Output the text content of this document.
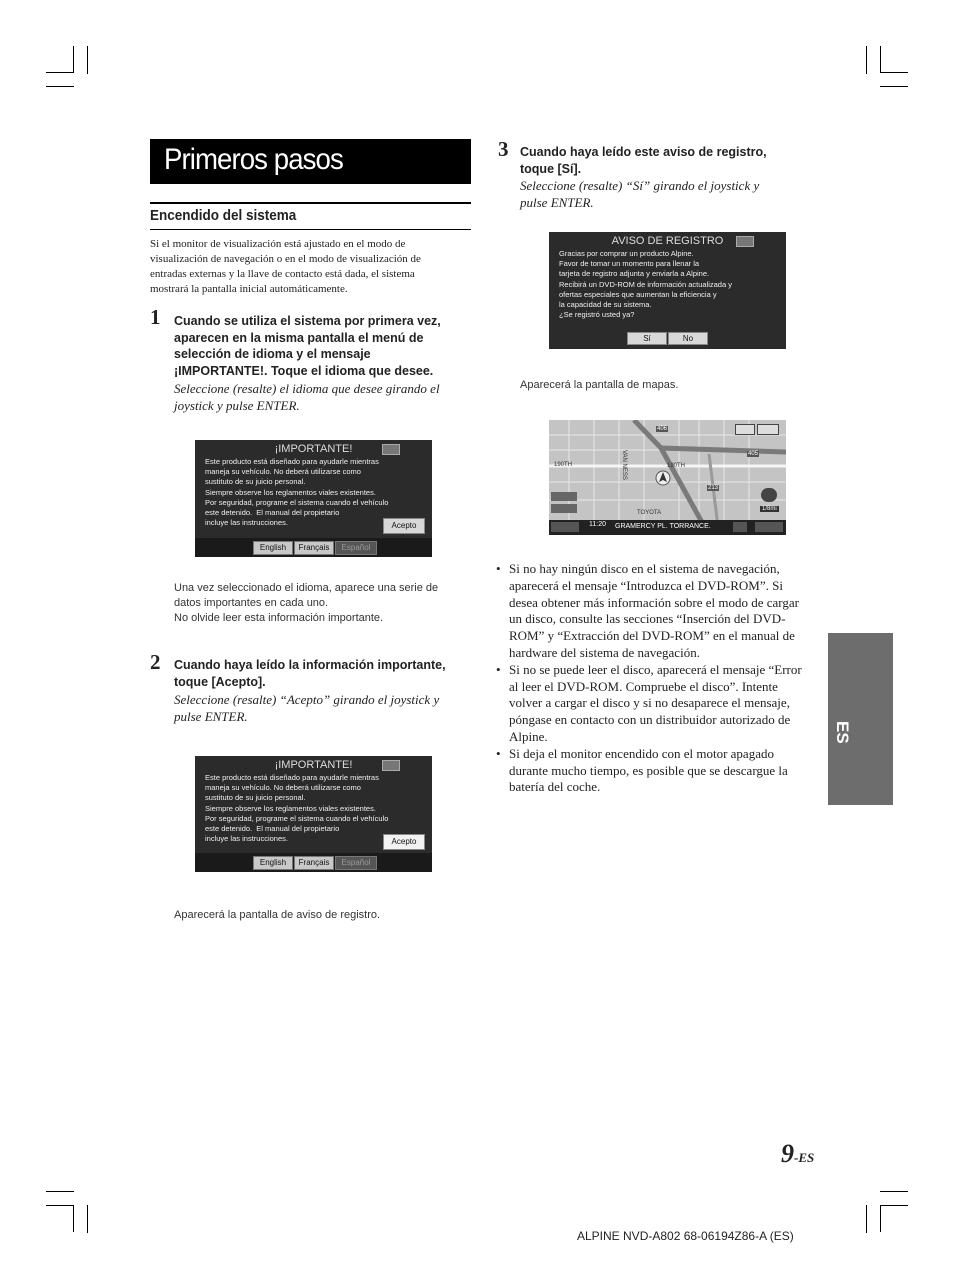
Primeros pasos
Encendido del sistema
Si el monitor de visualización está ajustado en el modo de
visualización de navegación o en el modo de visualización de
entradas externas y la llave de contacto está dada, el sistema
mostrará la pantalla inicial automáticamente.
1 Cuando se utiliza el sistema por primera vez,
aparecen en la misma pantalla el menú de
selección de idioma y el mensaje
¡IMPORTANTE!. Toque el idioma que desee.
Seleccione (resalte) el idioma que desee girando el
joystick y pulse ENTER.
¡IMPORTANTE!
Este producto está diseñado para ayudarle mientras
maneja su vehículo. No deberá utilizarse como
sustituto de su juicio personal.
Siempre observe los reglamentos viales existentes.
Por seguridad, programe el sistema cuando el vehículo
este detenido.  El manual del propietario
incluye las instrucciones.	Acepto
English	Français	Español
Una vez seleccionado el idioma, aparece una serie de
datos importantes en cada uno.
No olvide leer esta información importante.
2 Cuando haya leído la información importante,
toque [Acepto].
Seleccione (resalte) “Acepto” girando el joystick y
pulse ENTER.
¡IMPORTANTE!
Este producto está diseñado para ayudarle mientras
maneja su vehículo. No deberá utilizarse como
sustituto de su juicio personal.
Siempre observe los reglamentos viales existentes.
Por seguridad, programe el sistema cuando el vehículo
este detenido.  El manual del propietario
incluye las instrucciones.	Acepto
English	Français	Español
Aparecerá la pantalla de aviso de registro.
3 Cuando haya leído este aviso de registro,
toque [Sí].
Seleccione (resalte) “Sí” girando el joystick y
pulse ENTER.
AVISO DE REGISTRO
Gracias por comprar un producto Alpine.
Favor de tomar un momento para llenar la
tarjeta de registro adjunta y enviarla a Alpine.
Recibirá un DVD-ROM de información actualizada y
ofertas especiales que aumentan la eficiencia y
la capacidad de su sistema.
¿Se registró usted ya?
Sí	No
Aparecerá la pantalla de mapas.
190TH	190TH
VAN NESS
TOYOTA
406
405
213
1/8mi
11:20 GRAMERCY PL. TORRANCE.
• Si no hay ningún disco en el sistema de navegación,
aparecerá el mensaje “Introduzca el DVD-ROM”. Si
desea obtener más información sobre el modo de cargar
un disco, consulte las secciones “Inserción del DVD-
ROM” y “Extracción del DVD-ROM” en el manual de
hardware del sistema de navegación.
• Si no se puede leer el disco, aparecerá el mensaje “Error
al leer el DVD-ROM. Compruebe el disco”. Intente
volver a cargar el disco y si no desaparece el mensaje,
póngase en contacto con un distribuidor autorizado de
Alpine.
• Si deja el monitor encendido con el motor apagado
durante mucho tiempo, es posible que se descargue la
batería del coche.
ES
9-ES
ALPINE NVD-A802 68-06194Z86-A (ES)
